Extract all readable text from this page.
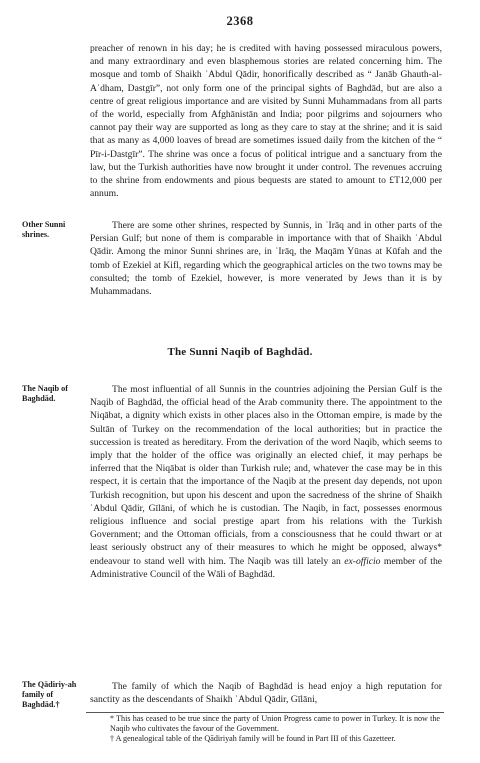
2368

preacher of renown in his day; he is credited with having possessed miraculous powers, and many extraordinary and even blasphemous stories are related concerning him. The mosque and tomb of Shaikh ʿAbdul Qādir, honorifically described as “ Janāb Ghauth-al-Aʿdham, Dastgīr”, not only form one of the principal sights of Baghdād, but are also a centre of great religious importance and are visited by Sunni Muhammadans from all parts of the world, especially from Afghānistān and India; poor pilgrims and sojourners who cannot pay their way are supported as long as they care to stay at the shrine; and it is said that as many as 4,000 loaves of bread are sometimes issued daily from the kitchen of the “ Pīr-i-Dastgīr”. The shrine was once a focus of political intrigue and a sanctuary from the law, but the Turkish authorities have now brought it under control. The revenues accruing to the shrine from endowments and pious bequests are stated to amount to £T12,000 per annum.

Other Sunni shrines.

There are some other shrines, respected by Sunnis, in ʿIrāq and in other parts of the Persian Gulf; but none of them is comparable in importance with that of Shaikh ʿAbdul Qādir. Among the minor Sunni shrines are, in ʿIrāq, the Maqām Yūnas at Kūfah and the tomb of Ezekiel at Kifl, regarding which the geographical articles on the two towns may be consulted; the tomb of Ezekiel, however, is more venerated by Jews than it is by Muhammadans.

The Sunni Naqib of Baghdād.

The Naqib of Baghdād.

The most influential of all Sunnis in the countries adjoining the Persian Gulf is the Naqib of Baghdād, the official head of the Arab community there. The appointment to the Niqābat, a dignity which exists in other places also in the Ottoman empire, is made by the Sultān of Turkey on the recommendation of the local authorities; but in practice the succession is treated as hereditary. From the derivation of the word Naqib, which seems to imply that the holder of the office was originally an elected chief, it may perhaps be inferred that the Niqābat is older than Turkish rule; and, whatever the case may be in this respect, it is certain that the importance of the Naqib at the present day depends, not upon Turkish recognition, but upon his descent and upon the sacredness of the shrine of Shaikh ʿAbdul Qādir, Gīlāni, of which he is custodian. The Naqib, in fact, possesses enormous religious influence and social prestige apart from his relations with the Turkish Government; and the Ottoman officials, from a consciousness that he could thwart or at least seriously obstruct any of their measures to which he might be opposed, always* endeavour to stand well with him. The Naqib was till lately an ex-officio member of the Administrative Council of the Wāli of Baghdād.

The Qādiriy-ah family of Baghdād.†

The family of which the Naqib of Baghdād is head enjoy a high reputation for sanctity as the descendants of Shaikh ʿAbdul Qādir, Gīlāni,

* This has ceased to be true since the party of Union Progress came to power in Turkey. It is now the Naqib who cultivates the favour of the Government.

† A genealogical table of the Qādiriyah family will be found in Part III of this Gazetteer.
